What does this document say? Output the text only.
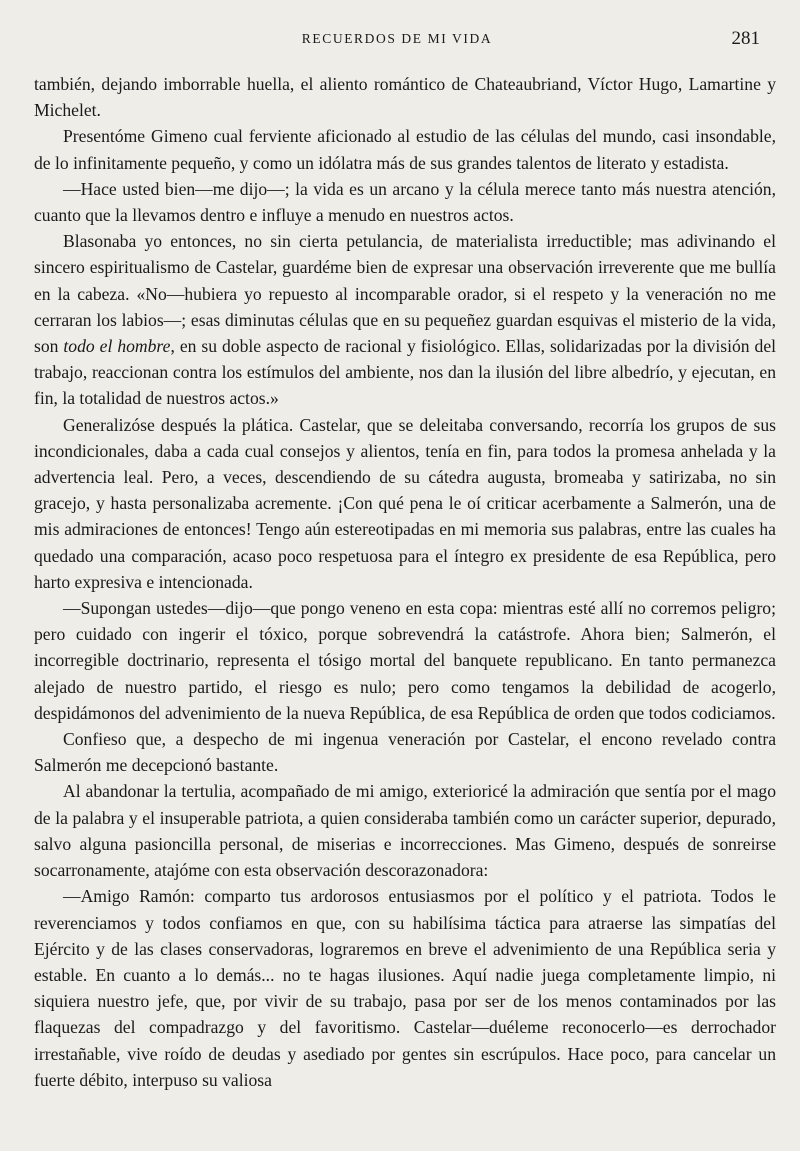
RECUERDOS DE MI VIDA	281

también, dejando imborrable huella, el aliento romántico de Chateaubriand, Víctor Hugo, Lamartine y Michelet.

Presentóme Gimeno cual ferviente aficionado al estudio de las células del mundo, casi insondable, de lo infinitamente pequeño, y como un idólatra más de sus grandes talentos de literato y estadista.

—Hace usted bien—me dijo—; la vida es un arcano y la célula merece tanto más nuestra atención, cuanto que la llevamos dentro e influye a menudo en nuestros actos.

Blasonaba yo entonces, no sin cierta petulancia, de materialista irreductible; mas adivinando el sincero espiritualismo de Castelar, guardéme bien de expresar una observación irreverente que me bullía en la cabeza. «No—hubiera yo repuesto al incomparable orador, si el respeto y la veneración no me cerraran los labios—; esas diminutas células que en su pequeñez guardan esquivas el misterio de la vida, son todo el hombre, en su doble aspecto de racional y fisiológico. Ellas, solidarizadas por la división del trabajo, reaccionan contra los estímulos del ambiente, nos dan la ilusión del libre albedrío, y ejecutan, en fin, la totalidad de nuestros actos.»

Generalizóse después la plática. Castelar, que se deleitaba conversando, recorría los grupos de sus incondicionales, daba a cada cual consejos y alientos, tenía en fin, para todos la promesa anhelada y la advertencia leal. Pero, a veces, descendiendo de su cátedra augusta, bromeaba y satirizaba, no sin gracejo, y hasta personalizaba acremente. ¡Con qué pena le oí criticar acerbamente a Salmerón, una de mis admiraciones de entonces! Tengo aún estereotipadas en mi memoria sus palabras, entre las cuales ha quedado una comparación, acaso poco respetuosa para el íntegro ex presidente de esa República, pero harto expresiva e intencionada.

—Supongan ustedes—dijo—que pongo veneno en esta copa: mientras esté allí no corremos peligro; pero cuidado con ingerir el tóxico, porque sobrevendrá la catástrofe. Ahora bien; Salmerón, el incorregible doctrinario, representa el tósigo mortal del banquete republicano. En tanto permanezca alejado de nuestro partido, el riesgo es nulo; pero como tengamos la debilidad de acogerlo, despidámonos del advenimiento de la nueva República, de esa República de orden que todos codiciamos.

Confieso que, a despecho de mi ingenua veneración por Castelar, el encono revelado contra Salmerón me decepcionó bastante.

Al abandonar la tertulia, acompañado de mi amigo, exterioricé la admiración que sentía por el mago de la palabra y el insuperable patriota, a quien consideraba también como un carácter superior, depurado, salvo alguna pasioncilla personal, de miserias e incorrecciones. Mas Gimeno, después de sonreirse socarronamente, atajóme con esta observación descorazonadora:

—Amigo Ramón: comparto tus ardorosos entusiasmos por el político y el patriota. Todos le reverenciamos y todos confiamos en que, con su habilísima táctica para atraerse las simpatías del Ejército y de las clases conservadoras, lograremos en breve el advenimiento de una República seria y estable. En cuanto a lo demás... no te hagas ilusiones. Aquí nadie juega completamente limpio, ni siquiera nuestro jefe, que, por vivir de su trabajo, pasa por ser de los menos contaminados por las flaquezas del compadrazgo y del favoritismo. Castelar—duéleme reconocerlo—es derrochador irrestañable, vive roído de deudas y asediado por gentes sin escrúpulos. Hace poco, para cancelar un fuerte débito, interpuso su valiosa
